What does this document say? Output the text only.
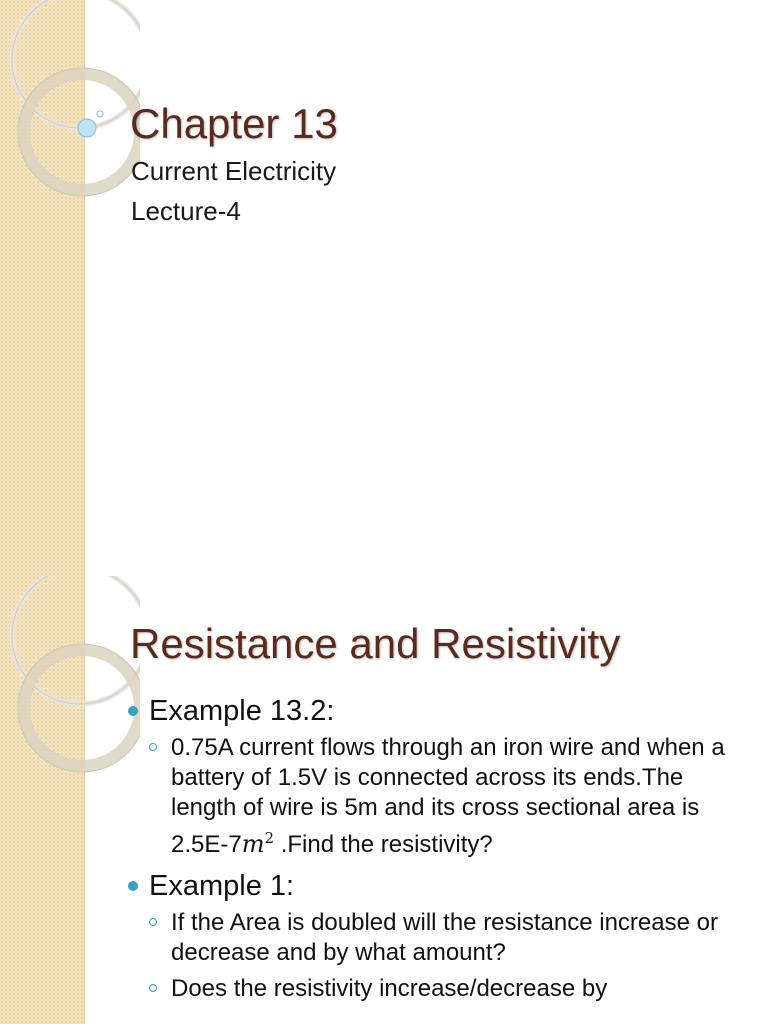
Chapter 13

Current Electricity

Lecture-4

Resistance and Resistivity
Example 13.2:
0.75A current flows through an iron wire and when a battery of 1.5V is connected across its ends.The length of wire is 5m and its cross sectional area is $2.5E-7m^2$ .Find the resistivity?
Example 1:
If the Area is doubled will the resistance increase or decrease and by what amount?
Does the resistivity increase/decrease by
